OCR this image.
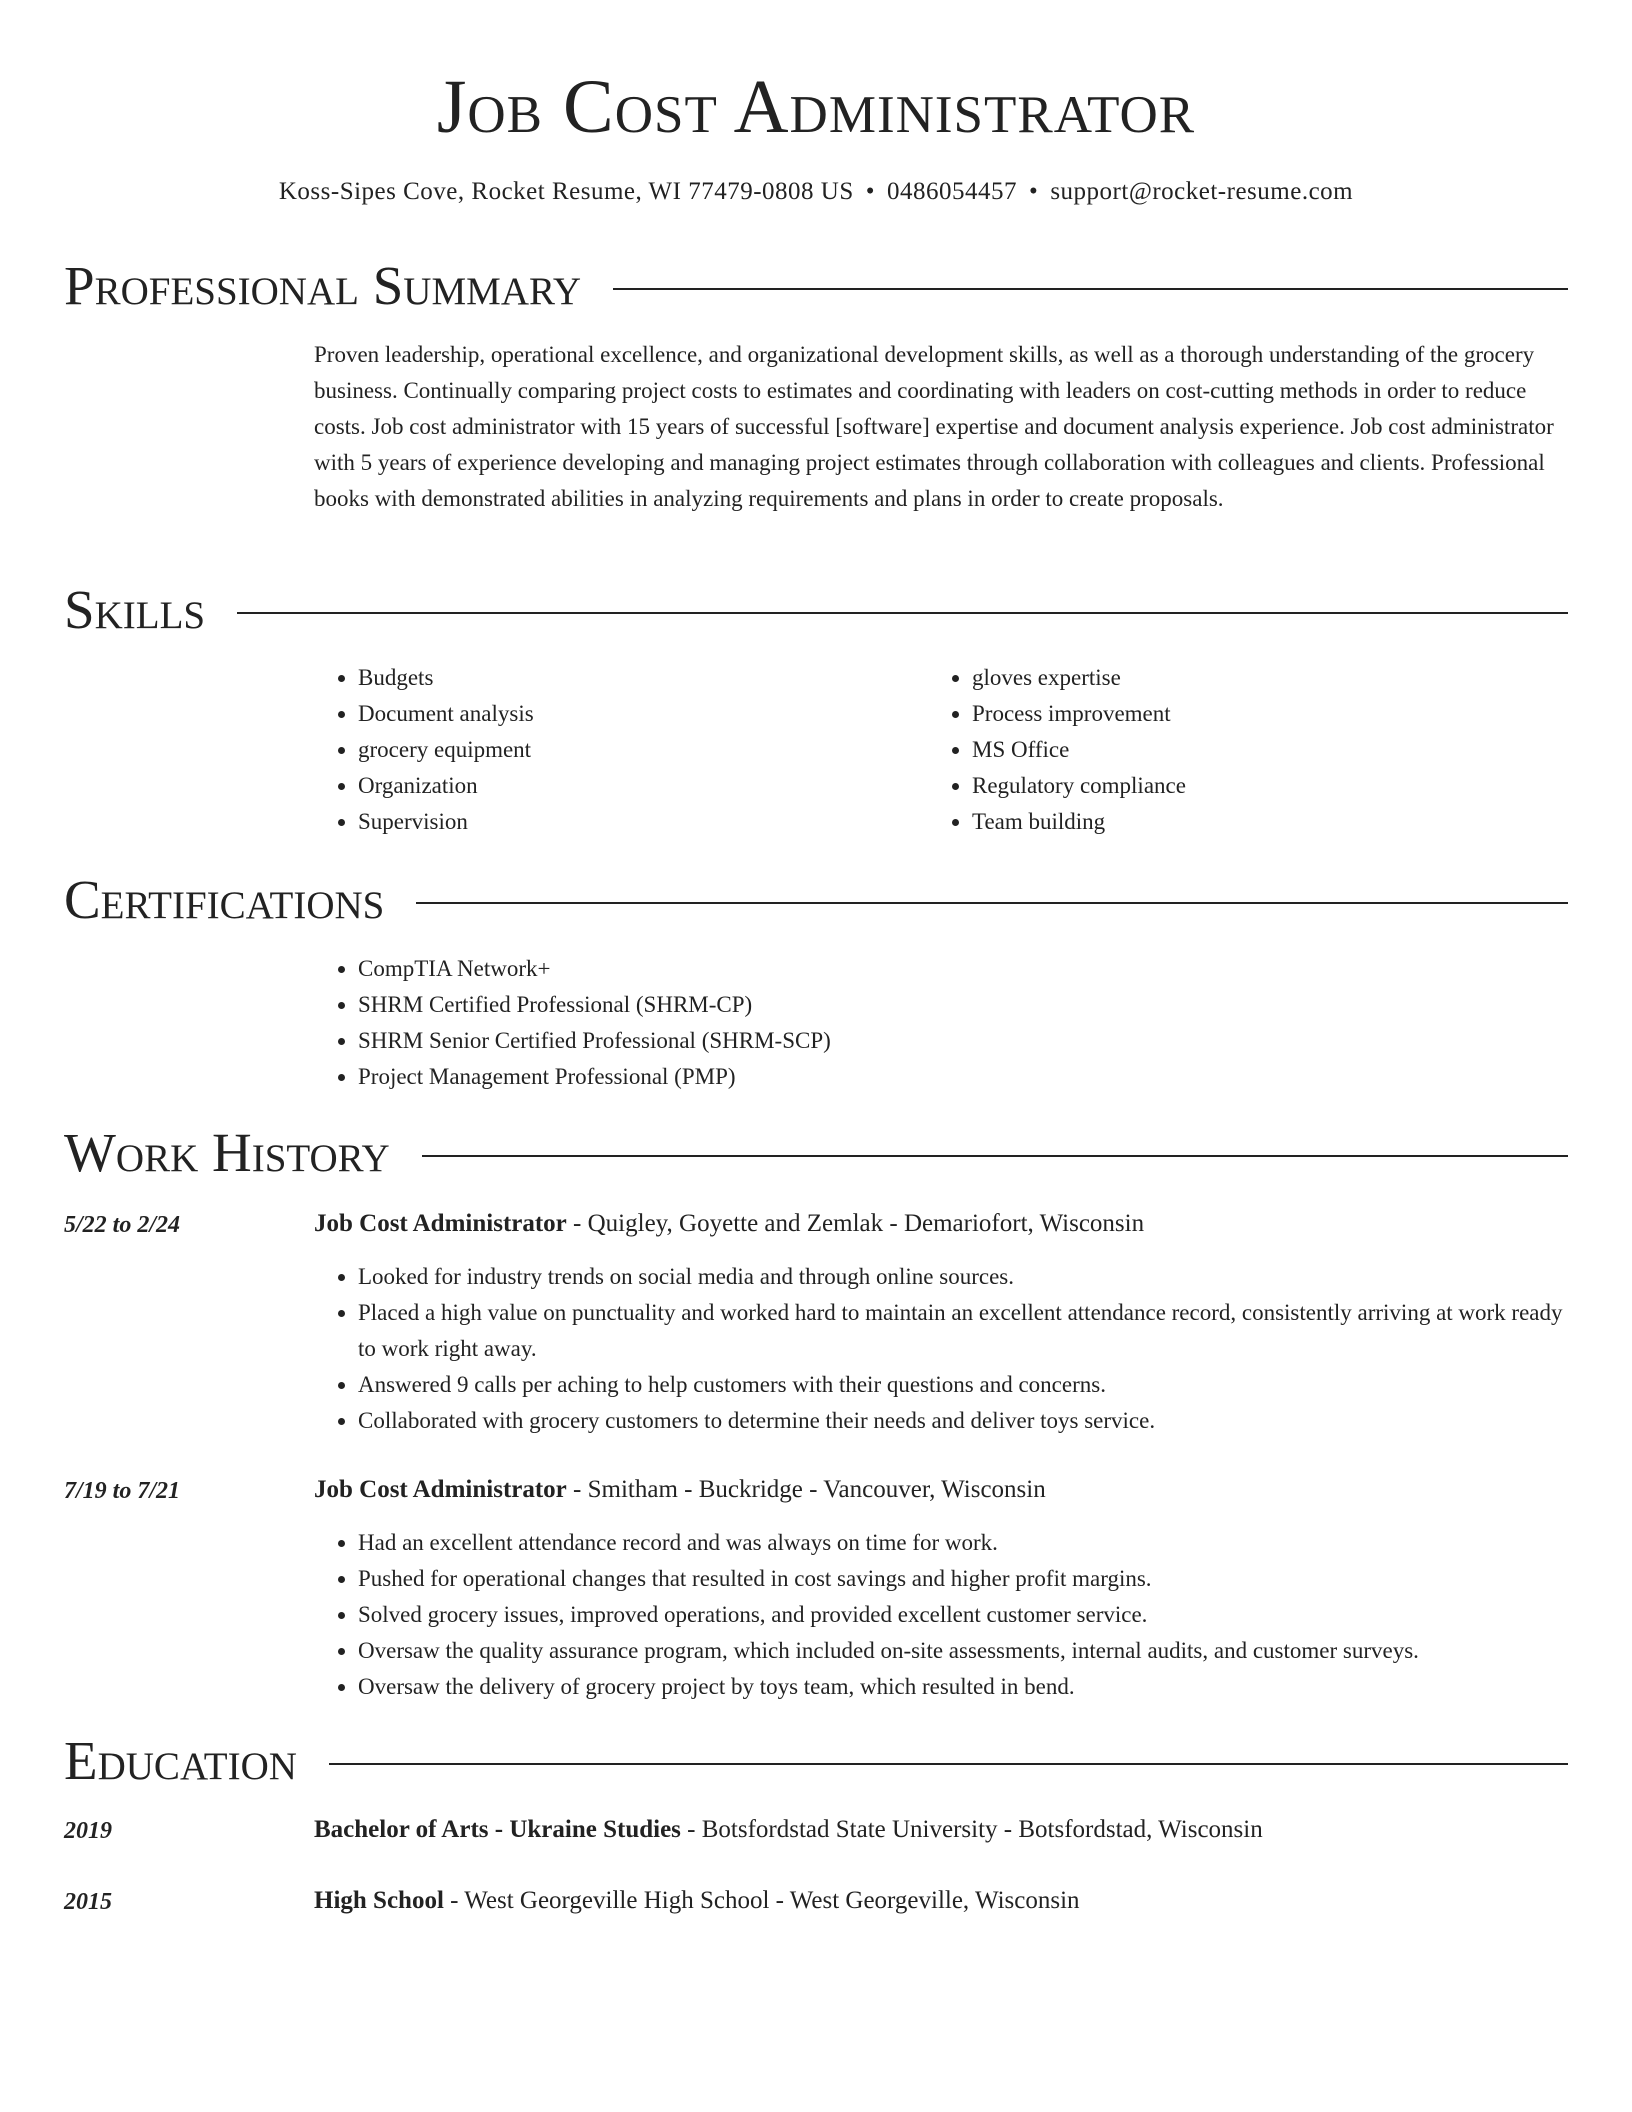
Job Cost Administrator
Koss-Sipes Cove, Rocket Resume, WI 77479-0808 US • 0486054457 • support@rocket-resume.com
Professional Summary
Proven leadership, operational excellence, and organizational development skills, as well as a thorough understanding of the grocery business. Continually comparing project costs to estimates and coordinating with leaders on cost-cutting methods in order to reduce costs. Job cost administrator with 15 years of successful [software] expertise and document analysis experience. Job cost administrator with 5 years of experience developing and managing project estimates through collaboration with colleagues and clients. Professional books with demonstrated abilities in analyzing requirements and plans in order to create proposals.
Skills
• Budgets
• Document analysis
• grocery equipment
• Organization
• Supervision
• gloves expertise
• Process improvement
• MS Office
• Regulatory compliance
• Team building
Certifications
• CompTIA Network+
• SHRM Certified Professional (SHRM-CP)
• SHRM Senior Certified Professional (SHRM-SCP)
• Project Management Professional (PMP)
Work History
5/22 to 2/24	Job Cost Administrator - Quigley, Goyette and Zemlak - Demariofort, Wisconsin
• Looked for industry trends on social media and through online sources.
• Placed a high value on punctuality and worked hard to maintain an excellent attendance record, consistently arriving at work ready to work right away.
• Answered 9 calls per aching to help customers with their questions and concerns.
• Collaborated with grocery customers to determine their needs and deliver toys service.
7/19 to 7/21	Job Cost Administrator - Smitham - Buckridge - Vancouver, Wisconsin
• Had an excellent attendance record and was always on time for work.
• Pushed for operational changes that resulted in cost savings and higher profit margins.
• Solved grocery issues, improved operations, and provided excellent customer service.
• Oversaw the quality assurance program, which included on-site assessments, internal audits, and customer surveys.
• Oversaw the delivery of grocery project by toys team, which resulted in bend.
Education
2019	Bachelor of Arts - Ukraine Studies - Botsfordstad State University - Botsfordstad, Wisconsin
2015	High School - West Georgeville High School - West Georgeville, Wisconsin
